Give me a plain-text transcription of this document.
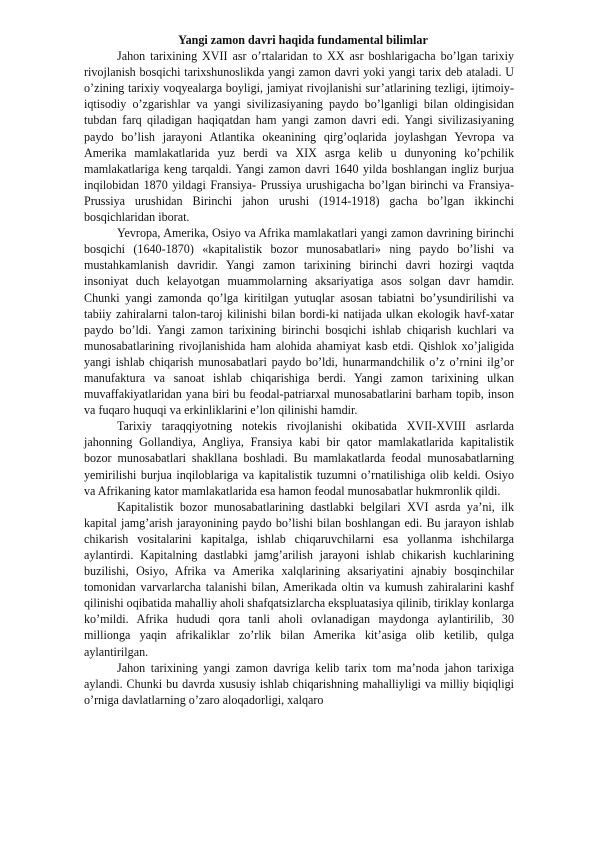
Yangi zamon davri haqida fundamental bilimlar

Jahon tarixining XVII asr o’rtalaridan to XX asr boshlarigacha bo’lgan tarixiy rivojlanish bosqichi tarixshunoslikda yangi zamon davri yoki yangi tarix deb ataladi. U o’zining tarixiy voqyealarga boyligi, jamiyat rivojlanishi sur’atlarining tezligi, ijtimoiy-iqtisodiy o’zgarishlar va yangi sivilizasiyaning paydo bo’lganligi bilan oldingisidan tubdan farq qiladigan haqiqatdan ham yangi zamon davri edi. Yangi sivilizasiyaning paydo bo’lish jarayoni Atlantika okeanining qirg’oqlarida joylashgan Yevropa va Amerika mamlakatlarida yuz berdi va XIX asrga kelib u dunyoning ko’pchilik mamlakatlariga keng tarqaldi. Yangi zamon davri 1640 yilda boshlangan ingliz burjua inqilobidan 1870 yildagi Fransiya- Prussiya urushigacha bo’lgan birinchi va Fransiya-Prussiya urushidan Birinchi jahon urushi (1914-1918) gacha bo’lgan ikkinchi bosqichlaridan iborat.

Yevropa, Amerika, Osiyo va Afrika mamlakatlari yangi zamon davrining birinchi bosqichi (1640-1870) «kapitalistik bozor munosabatlari» ning paydo bo’lishi va mustahkamlanish davridir. Yangi zamon tarixining birinchi davri hozirgi vaqtda insoniyat duch kelayotgan muammolarning aksariyatiga asos solgan davr hamdir. Chunki yangi zamonda qo’lga kiritilgan yutuqlar asosan tabiatni bo’ysundirilishi va tabiiy zahiralarni talon-taroj kilinishi bilan bordi-ki natijada ulkan ekologik havf-xatar paydo bo’ldi. Yangi zamon tarixining birinchi bosqichi ishlab chiqarish kuchlari va munosabatlarining rivojlanishida ham alohida ahamiyat kasb etdi. Qishlok xo’jaligida yangi ishlab chiqarish munosabatlari paydo bo’ldi, hunarmandchilik o’z o’rnini ilg’or manufaktura va sanoat ishlab chiqarishiga berdi. Yangi zamon tarixining ulkan muvaffakiyatlaridan yana biri bu feodal-patriarxal munosabatlarini barham topib, inson va fuqaro huquqi va erkinliklarini e’lon qilinishi hamdir.

Tarixiy taraqqiyotning notekis rivojlanishi okibatida XVII-XVIII asrlarda jahonning Gollandiya, Angliya, Fransiya kabi bir qator mamlakatlarida kapitalistik bozor munosabatlari shakllana boshladi. Bu mamlakatlarda feodal munosabatlarning yemirilishi burjua inqiloblariga va kapitalistik tuzumni o’rnatilishiga olib keldi. Osiyo va Afrikaning kator mamlakatlarida esa hamon feodal munosabatlar hukmronlik qildi.

Kapitalistik bozor munosabatlarining dastlabki belgilari XVI asrda ya’ni, ilk kapital jamg’arish jarayonining paydo bo’lishi bilan boshlangan edi. Bu jarayon ishlab chikarish vositalarini kapitalga, ishlab chiqaruvchilarni esa yollanma ishchilarga aylantirdi. Kapitalning dastlabki jamg’arilish jarayoni ishlab chikarish kuchlarining buzilishi, Osiyo, Afrika va Amerika xalqlarining aksariyatini ajnabiy bosqinchilar tomonidan varvarlarcha talanishi bilan, Amerikada oltin va kumush zahiralarini kashf qilinishi oqibatida mahalliy aholi shafqatsizlarcha ekspluatasiya qilinib, tiriklay konlarga ko’mildi. Afrika hududi qora tanli aholi ovlanadigan maydonga aylantirilib, 30 millionga yaqin afrikaliklar zo’rlik bilan Amerika kit’asiga olib ketilib, qulga aylantirilgan.

Jahon tarixining yangi zamon davriga kelib tarix tom ma’noda jahon tarixiga aylandi. Chunki bu davrda xususiy ishlab chiqarishning mahalliyligi va milliy biqiqligi o’rniga davlatlarning o’zaro aloqadorligi, xalqaro
